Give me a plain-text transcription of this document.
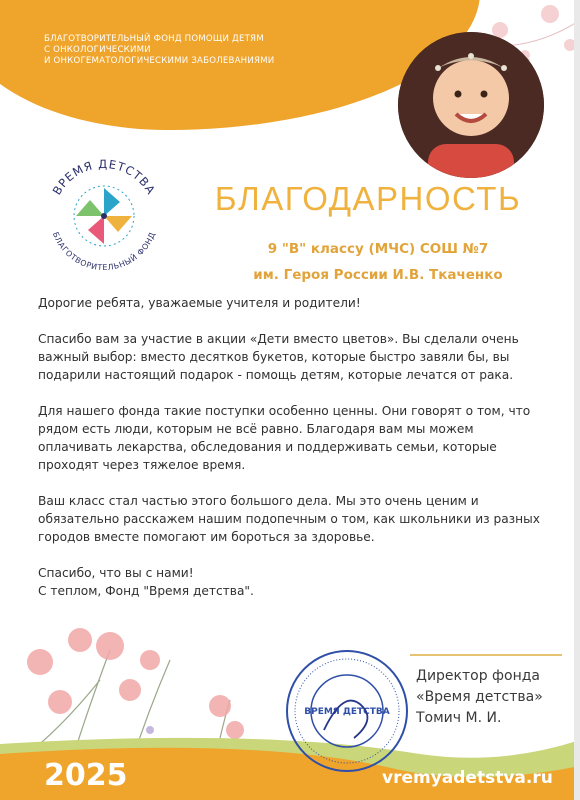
БЛАГОТВОРИТЕЛЬНЫЙ ФОНД ПОМОЩИ ДЕТЯМ
С ОНКОЛОГИЧЕСКИМИ
И ОНКОГЕМАТОЛОГИЧЕСКИМИ ЗАБОЛЕВАНИЯМИ
ВРЕМЯ ДЕТСТВА
БЛАГОТВОРИТЕЛЬНЫЙ ФОНД
БЛАГОДАРНОСТЬ
9 "В" классу (МЧС) СОШ №7
им. Героя России И.В. Ткаченко

Дорогие ребята, уважаемые учителя и родители!

Спасибо вам за участие в акции «Дети вместо цветов». Вы сделали очень
важный выбор: вместо десятков букетов, которые быстро завяли бы, вы
подарили настоящий подарок - помощь детям, которые лечатся от рака.

Для нашего фонда такие поступки особенно ценны. Они говорят о том, что
рядом есть люди, которым не всё равно. Благодаря вам мы можем
оплачивать лекарства, обследования и поддерживать семьи, которые
проходят через тяжелое время.

Ваш класс стал частью этого большого дела. Мы это очень ценим и
обязательно расскажем нашим подопечным о том, как школьники из разных
городов вместе помогают им бороться за здоровье.

Спасибо, что вы с нами!
С теплом, Фонд "Время детства".

ВРЕМЯ ДЕТСТВА
Директор фонда
«Время детства»
Томич М. И.
2025	vremyadetstva.ru
